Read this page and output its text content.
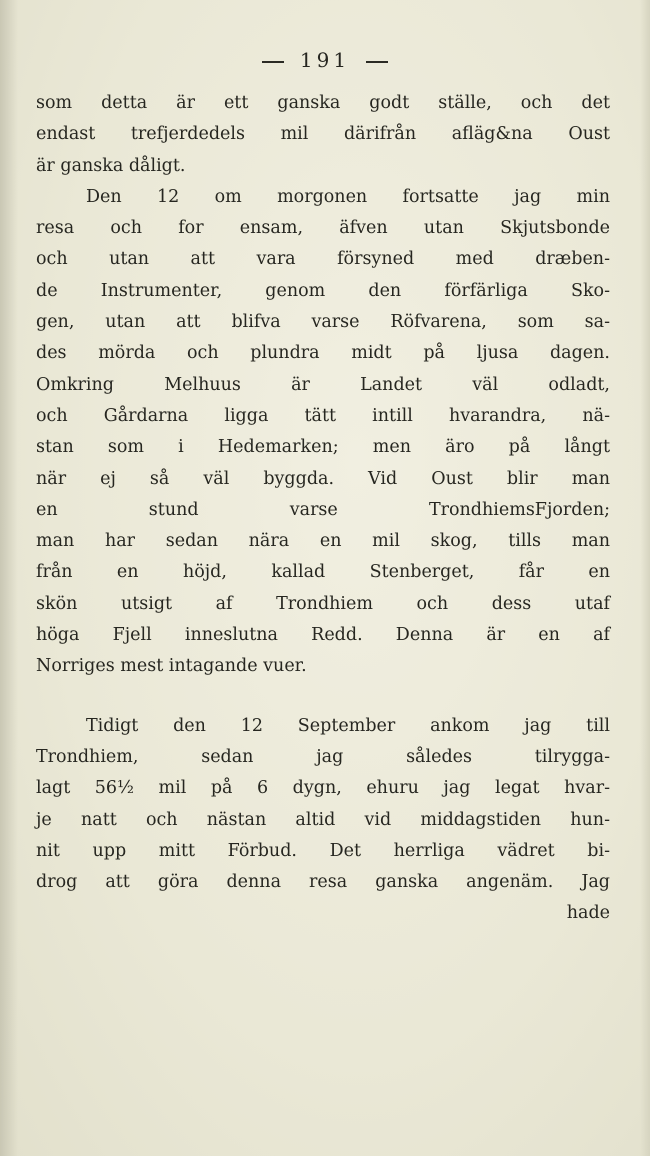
191
som detta är ett ganska godt ställe, och det
endast trefjerdedels mil därifrån afläg&na Oust
är ganska dåligt.
Den 12 om morgonen fortsatte jag min
resa och for ensam, äfven utan Skjutsbonde
och utan att vara försyned med dræben-
de Instrumenter, genom den förfärliga Sko-
gen, utan att blifva varse Röfvarena, som sa-
des mörda och plundra midt på ljusa dagen.
Omkring Melhuus är Landet väl odladt,
och Gårdarna ligga tätt intill hvarandra, nä-
stan som i Hedemarken; men äro på långt
när ej så väl byggda. Vid Oust blir man
en stund varse TrondhiemsFjorden;
man har sedan nära en mil skog, tills man
från en höjd, kallad Stenberget, får en
skön utsigt af Trondhiem och dess utaf
höga Fjell inneslutna Redd. Denna är en af
Norriges mest intagande vuer.
Tidigt den 12 September ankom jag till
Trondhiem, sedan jag således tilrygga-
lagt 56½ mil på 6 dygn, ehuru jag legat hvar-
je natt och nästan altid vid middagstiden hun-
nit upp mitt Förbud. Det herrliga vädret bi-
drog att göra denna resa ganska angenäm. Jag
hade
